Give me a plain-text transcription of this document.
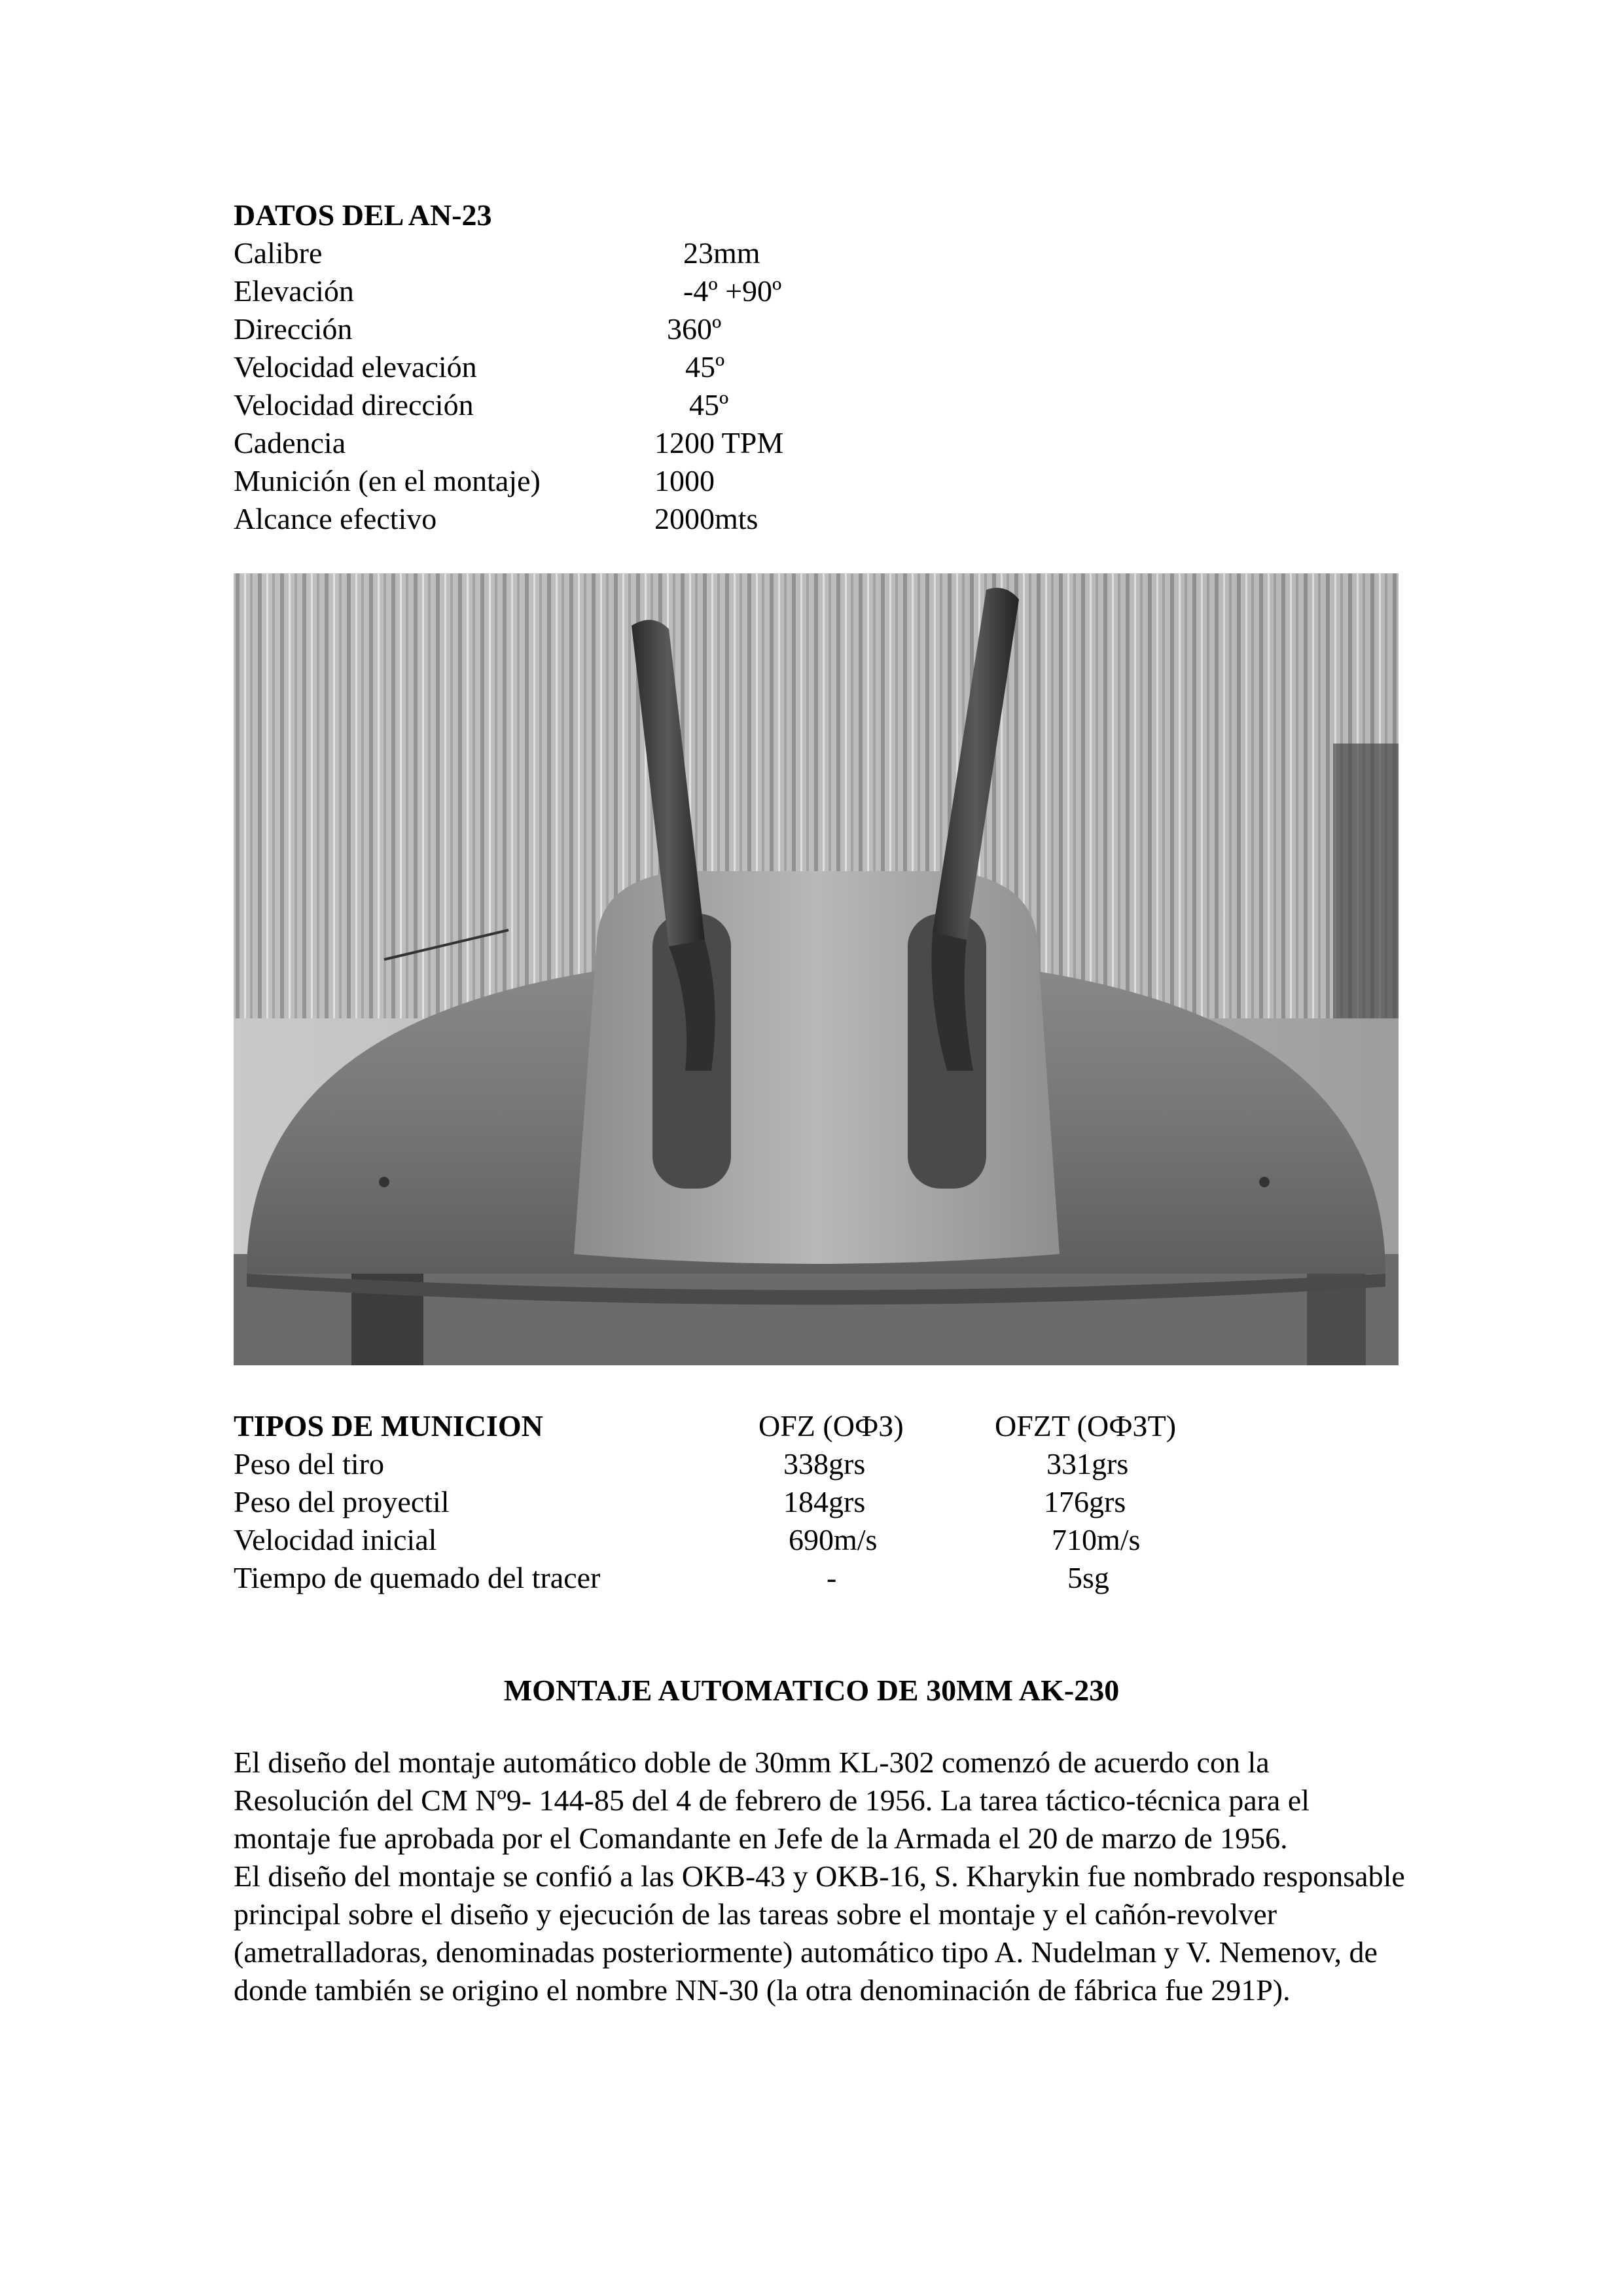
DATOS DEL AN-23
Calibre	23mm
Elevación	-4º +90º
Dirección	360º
Velocidad elevación	45º
Velocidad dirección	45º
Cadencia	1200 TPM
Munición (en el montaje)	1000
Alcance efectivo	2000mts
TIPOS DE MUNICION	OFZ (OФЗ)	OFZT (OФЗT)
Peso del tiro	338grs	331grs
Peso del proyectil	184grs	176grs
Velocidad inicial	690m/s	710m/s
Tiempo de quemado del tracer	-	5sg
MONTAJE AUTOMATICO DE 30MM AK-230

El diseño del montaje automático doble de 30mm KL-302 comenzó de acuerdo con la Resolución del CM Nº9- 144-85 del 4 de febrero de 1956. La tarea táctico-técnica para el montaje fue aprobada por el Comandante en Jefe de la Armada el 20 de marzo de 1956.

El diseño del montaje se confió a las OKB-43 y OKB-16, S. Kharykin fue nombrado responsable principal sobre el diseño y ejecución de las tareas sobre el montaje y el cañón-revolver (ametralladoras, denominadas posteriormente) automático tipo A. Nudelman y V. Nemenov, de donde también se origino el nombre NN-30 (la otra denominación de fábrica fue 291P).
